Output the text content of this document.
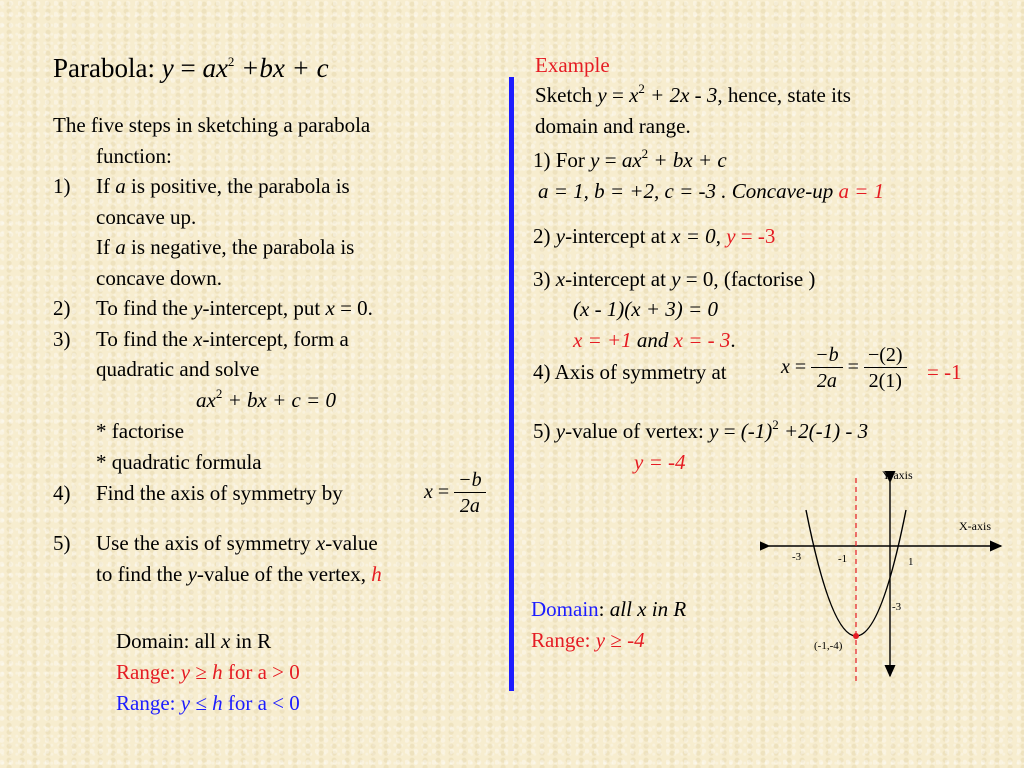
Parabola: $y = ax^2 +bx + c$
The five steps in sketching a parabola
function:
1) If a is positive, the parabola is
concave up.
If a is negative, the parabola is
concave down.
2) To find the y-intercept, put x = 0.
3) To find the x-intercept, form a
quadratic and solve
$ax^2$ + bx + c = 0
* factorise
* quadratic formula
4) Find the axis of symmetry by	$x = \frac{-b}{2a}$
5) Use the axis of symmetry x-value
to find the y-value of the vertex, h
Domain: all x in R
Range: y ≥ h for a > 0
Range: y ≤ h for a < 0
Example
Sketch $y = x^2 + 2x - 3$, hence, state its
domain and range.
1) For $y = ax^2$ + bx + c
a = 1, b = +2, c = -3 . Concave-up a = 1
2) y-intercept at x = 0, y = -3
3) x-intercept at y = 0, (factorise )
(x - 1)(x + 3) = 0
x = +1 and x = - 3.
4) Axis of symmetry at	$x = \frac{-b}{2a} = \frac{-(2)}{2(1)} = -1$
5) y-value of vertex: $y = (-1)^2 +2(-1) - 3$
y = -4
Domain: all x in R
Range: y ≥ -4
Y-axis
X-axis
-3	-1	1
-3
(-1,-4)
